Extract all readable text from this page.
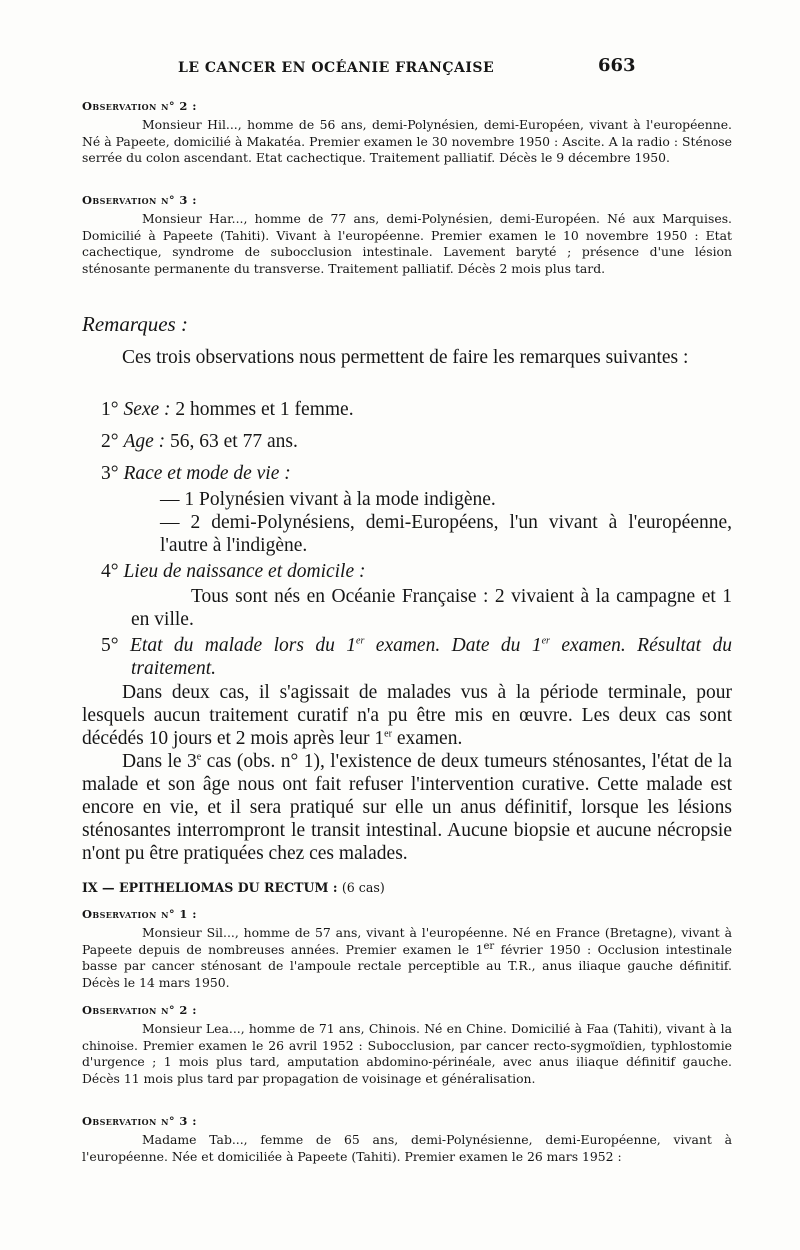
LE CANCER EN OCÉANIE FRANÇAISE	663

Observation n° 2 :

Monsieur Hil..., homme de 56 ans, demi-Polynésien, demi-Européen, vivant à l'européenne. Né à Papeete, domicilié à Makatéa. Premier examen le 30 novembre 1950 : Ascite. A la radio : Sténose serrée du colon ascendant. Etat cachectique. Traitement palliatif. Décès le 9 décembre 1950.

Observation n° 3 :

Monsieur Har..., homme de 77 ans, demi-Polynésien, demi-Européen. Né aux Marquises. Domicilié à Papeete (Tahiti). Vivant à l'européenne. Premier examen le 10 novembre 1950 : Etat cachectique, syndrome de subocclusion intestinale. Lavement baryté ; présence d'une lésion sténosante permanente du transverse. Traitement palliatif. Décès 2 mois plus tard.

Remarques :

Ces trois observations nous permettent de faire les remarques suivantes :

1° Sexe : 2 hommes et 1 femme.

2° Age : 56, 63 et 77 ans.

3° Race et mode de vie :

— 1 Polynésien vivant à la mode indigène.

— 2 demi-Polynésiens, demi-Européens, l'un vivant à l'européenne, l'autre à l'indigène.

4° Lieu de naissance et domicile :

Tous sont nés en Océanie Française : 2 vivaient à la campagne et 1 en ville.

5° Etat du malade lors du 1er examen. Date du 1er examen. Résultat du traitement.

Dans deux cas, il s'agissait de malades vus à la période terminale, pour lesquels aucun traitement curatif n'a pu être mis en œuvre. Les deux cas sont décédés 10 jours et 2 mois après leur 1er examen.

Dans le 3e cas (obs. n° 1), l'existence de deux tumeurs sténosantes, l'état de la malade et son âge nous ont fait refuser l'intervention curative. Cette malade est encore en vie, et il sera pratiqué sur elle un anus définitif, lorsque les lésions sténosantes interrompront le transit intestinal. Aucune biopsie et aucune nécropsie n'ont pu être pratiquées chez ces malades.

IX — EPITHELIOMAS DU RECTUM : (6 cas)

Observation n° 1 :

Monsieur Sil..., homme de 57 ans, vivant à l'européenne. Né en France (Bretagne), vivant à Papeete depuis de nombreuses années. Premier examen le 1er février 1950 : Occlusion intestinale basse par cancer sténosant de l'ampoule rectale perceptible au T.R., anus iliaque gauche définitif. Décès le 14 mars 1950.

Observation n° 2 :

Monsieur Lea..., homme de 71 ans, Chinois. Né en Chine. Domicilié à Faa (Tahiti), vivant à la chinoise. Premier examen le 26 avril 1952 : Subocclusion, par cancer recto-sygmoïdien, typhlostomie d'urgence ; 1 mois plus tard, amputation abdomino-périnéale, avec anus iliaque définitif gauche. Décès 11 mois plus tard par propagation de voisinage et généralisation.

Observation n° 3 :

Madame Tab..., femme de 65 ans, demi-Polynésienne, demi-Européenne, vivant à l'européenne. Née et domiciliée à Papeete (Tahiti). Premier examen le 26 mars 1952 :
